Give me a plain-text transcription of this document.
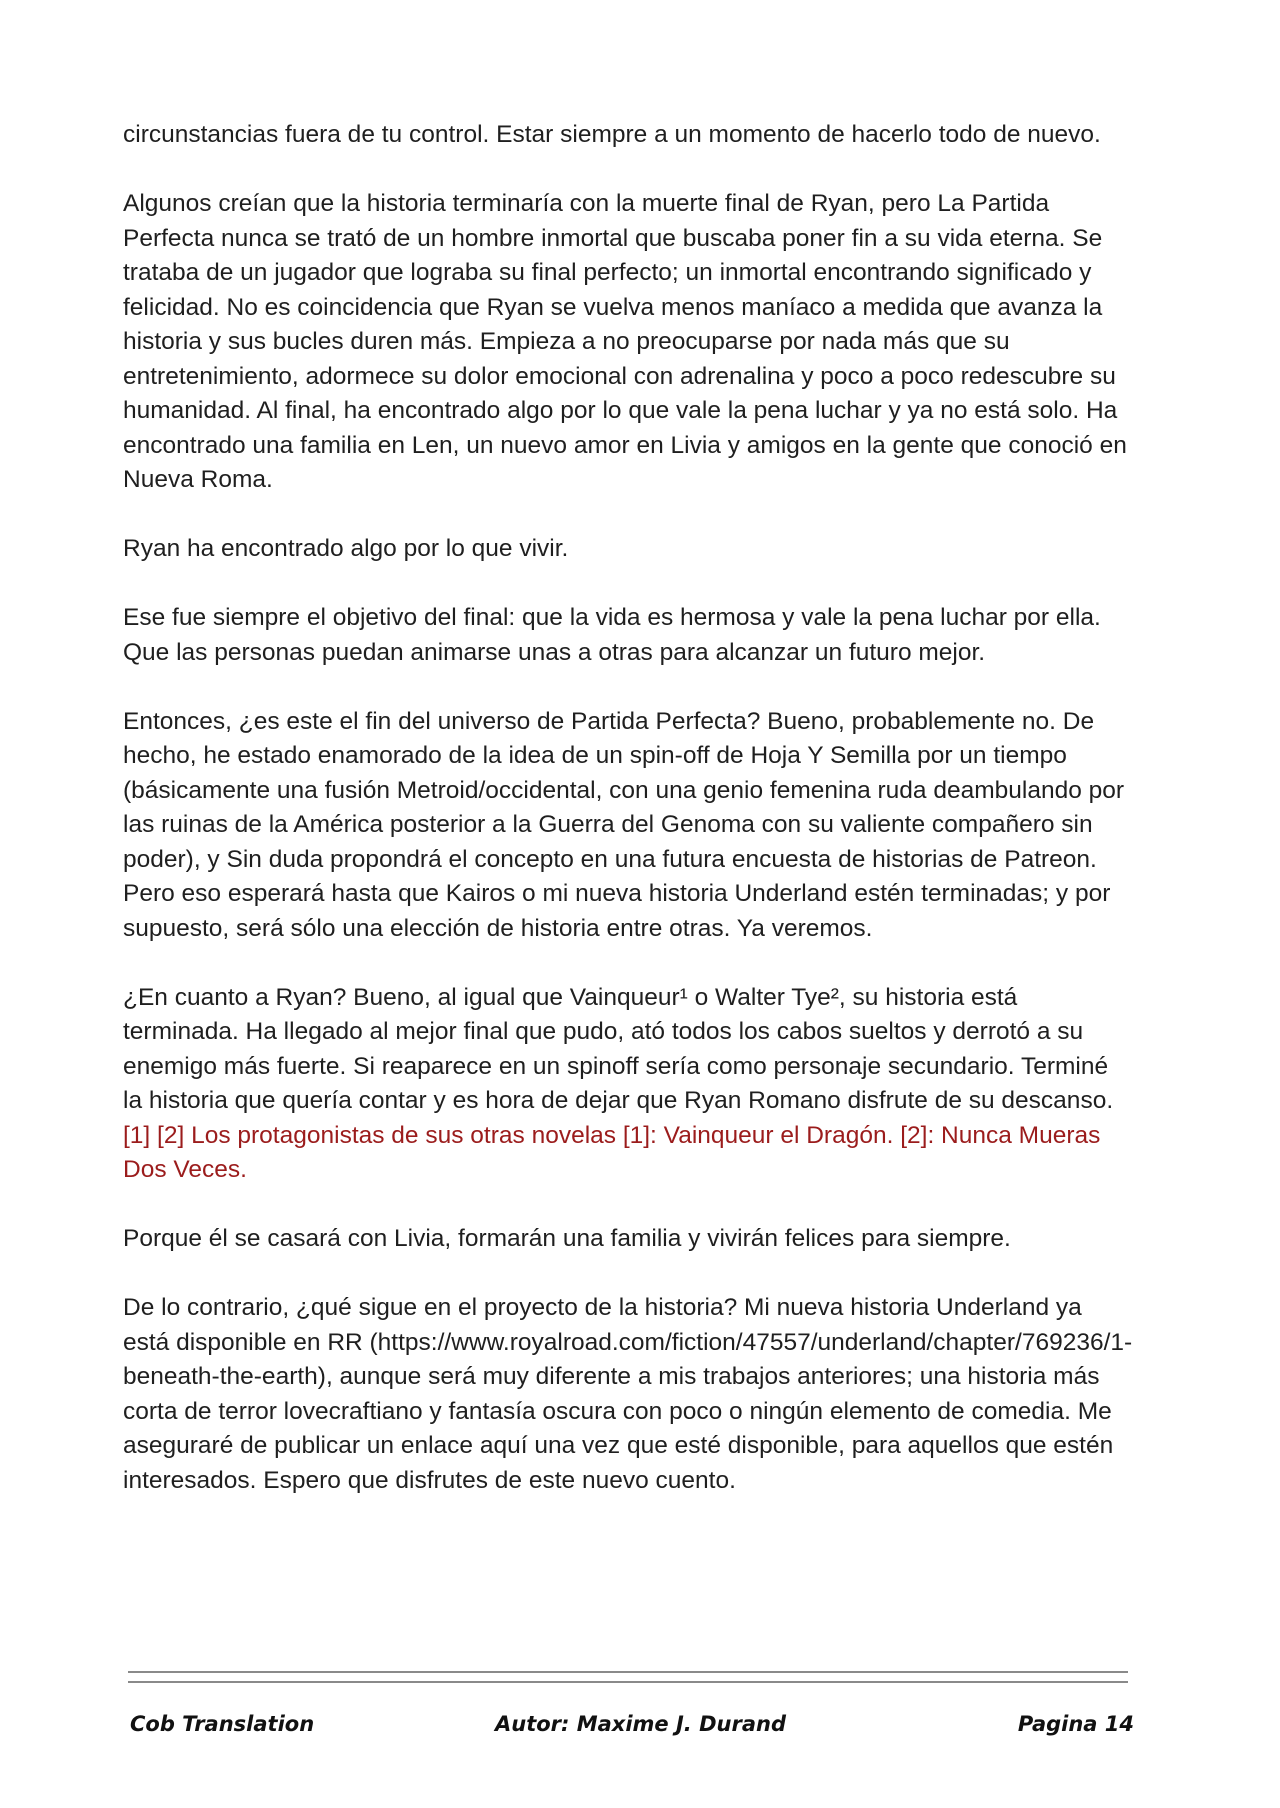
circunstancias fuera de tu control. Estar siempre a un momento de hacerlo todo de nuevo.

Algunos creían que la historia terminaría con la muerte final de Ryan, pero La Partida Perfecta nunca se trató de un hombre inmortal que buscaba poner fin a su vida eterna. Se trataba de un jugador que lograba su final perfecto; un inmortal encontrando significado y felicidad. No es coincidencia que Ryan se vuelva menos maníaco a medida que avanza la historia y sus bucles duren más. Empieza a no preocuparse por nada más que su entretenimiento, adormece su dolor emocional con adrenalina y poco a poco redescubre su humanidad. Al final, ha encontrado algo por lo que vale la pena luchar y ya no está solo. Ha encontrado una familia en Len, un nuevo amor en Livia y amigos en la gente que conoció en Nueva Roma.

Ryan ha encontrado algo por lo que vivir.

Ese fue siempre el objetivo del final: que la vida es hermosa y vale la pena luchar por ella. Que las personas puedan animarse unas a otras para alcanzar un futuro mejor.

Entonces, ¿es este el fin del universo de Partida Perfecta? Bueno, probablemente no. De hecho, he estado enamorado de la idea de un spin-off de Hoja Y Semilla por un tiempo (básicamente una fusión Metroid/occidental, con una genio femenina ruda deambulando por las ruinas de la América posterior a la Guerra del Genoma con su valiente compañero sin poder), y Sin duda propondrá el concepto en una futura encuesta de historias de Patreon. Pero eso esperará hasta que Kairos o mi nueva historia Underland estén terminadas; y por supuesto, será sólo una elección de historia entre otras. Ya veremos.

¿En cuanto a Ryan? Bueno, al igual que Vainqueur¹ o Walter Tye², su historia está terminada. Ha llegado al mejor final que pudo, ató todos los cabos sueltos y derrotó a su enemigo más fuerte. Si reaparece en un spinoff sería como personaje secundario. Terminé la historia que quería contar y es hora de dejar que Ryan Romano disfrute de su descanso. [1] [2] Los protagonistas de sus otras novelas [1]: Vainqueur el Dragón. [2]: Nunca Mueras Dos Veces.

Porque él se casará con Livia, formarán una familia y vivirán felices para siempre.

De lo contrario, ¿qué sigue en el proyecto de la historia? Mi nueva historia Underland ya está disponible en RR (https://www.royalroad.com/fiction/47557/underland/chapter/769236/1-beneath-the-earth), aunque será muy diferente a mis trabajos anteriores; una historia más corta de terror lovecraftiano y fantasía oscura con poco o ningún elemento de comedia. Me aseguraré de publicar un enlace aquí una vez que esté disponible, para aquellos que estén interesados. Espero que disfrutes de este nuevo cuento.

Cob Translation	Autor: Maxime J. Durand	Pagina 14
